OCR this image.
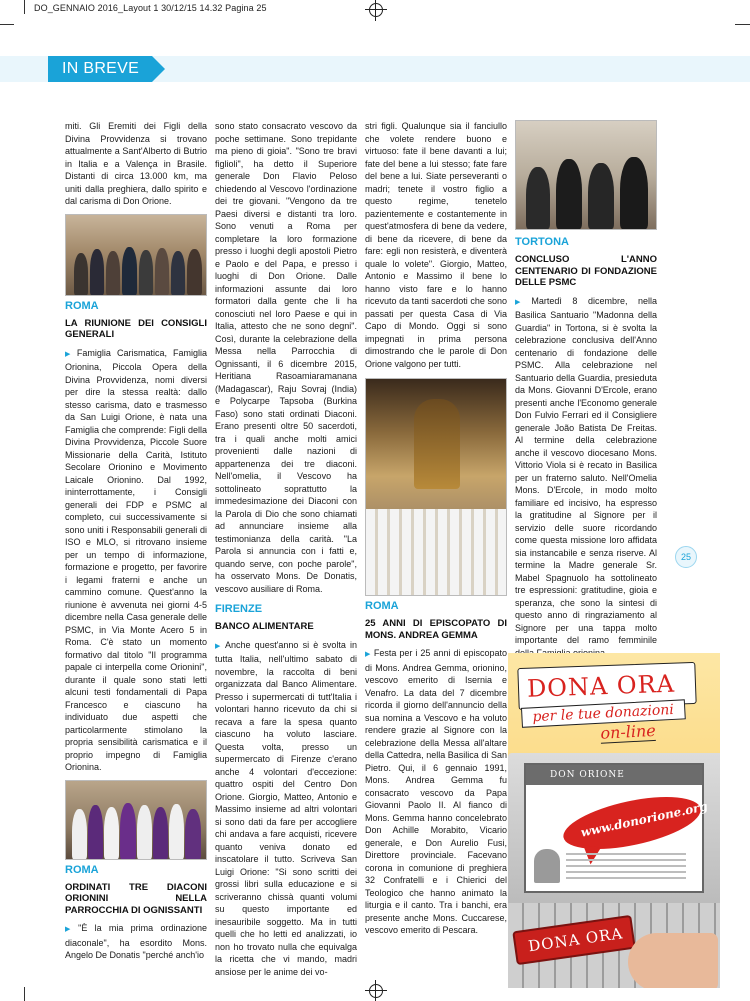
DO_GENNAIO 2016_Layout 1 30/12/15 14.32 Pagina 25
IN BREVE

miti. Gli Eremiti dei Figli della Divina Provvidenza si trovano attualmente a Sant'Alberto di Butrio in Italia e a Valença in Brasile. Distanti di circa 13.000 km, ma uniti dalla preghiera, dallo spirito e dal carisma di Don Orione.

ROMA
LA RIUNIONE DEI CONSIGLI GENERALI

▶ Famiglia Carismatica, Famiglia Orionina, Piccola Opera della Divina Provvidenza, nomi diversi per dire la stessa realtà: dallo stesso carisma, dato e trasmesso da San Luigi Orione, è nata una Famiglia che comprende: Figli della Divina Provvidenza, Piccole Suore Missionarie della Carità, Istituto Secolare Orionino e Movimento Laicale Orionino. Dal 1992, ininterrottamente, i Consigli generali dei FDP e PSMC al completo, cui successivamente si sono uniti i Responsabili generali di ISO e MLO, si ritrovano insieme per un tempo di informazione, formazione e progetto, per favorire i legami fraterni e anche un cammino comune. Quest'anno la riunione è avvenuta nei giorni 4-5 dicembre nella Casa generale delle PSMC, in Via Monte Acero 5 in Roma. C'è stato un momento formativo dal titolo "Il programma papale ci interpella come Orionini", durante il quale sono stati letti alcuni testi fondamentali di Papa Francesco e ciascuno ha individuato due aspetti che particolarmente stimolano la propria sensibilità carismatica e il proprio impegno di Famiglia Orionina.

ROMA
ORDINATI TRE DIACONI ORIONINI NELLA PARROCCHIA DI OGNISSANTI

▶ "È la mia prima ordinazione diaconale", ha esordito Mons. Angelo De Donatis "perché anch'io

sono stato consacrato vescovo da poche settimane. Sono trepidante ma pieno di gioia". "Sono tre bravi figlioli", ha detto il Superiore generale Don Flavio Peloso chiedendo al Vescovo l'ordinazione dei tre giovani. "Vengono da tre Paesi diversi e distanti tra loro. Sono venuti a Roma per completare la loro formazione presso i luoghi degli apostoli Pietro e Paolo e del Papa, e presso i luoghi di Don Orione. Dalle informazioni assunte dai loro formatori dalla gente che li ha conosciuti nel loro Paese e qui in Italia, attesto che ne sono degni". Così, durante la celebrazione della Messa nella Parrocchia di Ognissanti, il 6 dicembre 2015, Heritiana Rasoamiaramanana (Madagascar), Raju Sovraj (India) e Polycarpe Tapsoba (Burkina Faso) sono stati ordinati Diaconi. Erano presenti oltre 50 sacerdoti, tra i quali anche molti amici provenienti dalle nazioni di appartenenza dei tre diaconi. Nell'omelia, il Vescovo ha sottolineato soprattutto la immedesimazione dei Diaconi con la Parola di Dio che sono chiamati ad annunciare insieme alla testimonianza della carità. "La Parola si annuncia con i fatti e, quando serve, con poche parole", ha osservato Mons. De Donatis, vescovo ausiliare di Roma.

FIRENZE
BANCO ALIMENTARE

▶ Anche quest'anno si è svolta in tutta Italia, nell'ultimo sabato di novembre, la raccolta di beni organizzata dal Banco Alimentare. Presso i supermercati di tutt'Italia i volontari hanno ricevuto da chi si recava a fare la spesa quanto ciascuno ha voluto lasciare. Questa volta, presso un supermercato di Firenze c'erano anche 4 volontari d'eccezione: quattro ospiti del Centro Don Orione. Giorgio, Matteo, Antonio e Massimo insieme ad altri volontari si sono dati da fare per accogliere chi andava a fare acquisti, ricevere quanto veniva donato ed inscatolare il tutto. Scriveva San Luigi Orione: "Si sono scritti dei grossi libri sulla educazione e si scriveranno chissà quanti volumi su questo importante ed inesauribile soggetto. Ma in tutti quelli che ho letti ed analizzati, io non ho trovato nulla che equivalga la ricetta che vi mando, madri ansiose per le anime dei vo-

stri figli. Qualunque sia il fanciullo che volete rendere buono e virtuoso: fate il bene davanti a lui; fate del bene a lui stesso; fate fare del bene a lui. Siate perseveranti o madri; tenete il vostro figlio a questo regime, tenetelo pazientemente e costantemente in quest'atmosfera di bene da vedere, di bene da ricevere, di bene da fare: egli non resisterà, e diventerà quale lo volete". Giorgio, Matteo, Antonio e Massimo il bene lo hanno visto fare e lo hanno ricevuto da tanti sacerdoti che sono passati per questa Casa di Via Capo di Mondo. Oggi si sono impegnati in prima persona dimostrando che le parole di Don Orione valgono per tutti.

ROMA
25 ANNI DI EPISCOPATO DI MONS. ANDREA GEMMA

▶ Festa per i 25 anni di episcopato di Mons. Andrea Gemma, orionino, vescovo emerito di Isernia e Venafro. La data del 7 dicembre ricorda il giorno dell'annuncio della sua nomina a Vescovo e ha voluto rendere grazie al Signore con la celebrazione della Messa all'altare della Cattedra, nella Basilica di San Pietro. Qui, il 6 gennaio 1991, Mons. Andrea Gemma fu consacrato vescovo da Papa Giovanni Paolo II. Al fianco di Mons. Gemma hanno concelebrato Don Achille Morabito, Vicario generale, e Don Aurelio Fusi, Direttore provinciale. Facevano corona in comunione di preghiera 32 Confratelli e i Chierici del Teologico che hanno animato la liturgia e il canto. Tra i banchi, era presente anche Mons. Cuccarese, vescovo emerito di Pescara.

TORTONA
CONCLUSO L'ANNO CENTENARIO DI FONDAZIONE DELLE PSMC

▶ Martedì 8 dicembre, nella Basilica Santuario "Madonna della Guardia" in Tortona, si è svolta la celebrazione conclusiva dell'Anno centenario di fondazione delle PSMC. Alla celebrazione nel Santuario della Guardia, presieduta da Mons. Giovanni D'Ercole, erano presenti anche l'Economo generale Don Fulvio Ferrari ed il Consigliere generale João Batista De Freitas. Al termine della celebrazione anche il vescovo diocesano Mons. Vittorio Viola si è recato in Basilica per un fraterno saluto. Nell'Omelia Mons. D'Ercole, in modo molto familiare ed incisivo, ha espresso la gratitudine al Signore per il servizio delle suore ricordando come questa missione loro affidata sia instancabile e senza riserve. Al termine la Madre generale Sr. Mabel Spagnuolo ha sottolineato tre espressioni: gratitudine, gioia e speranza, che sono la sintesi di questo anno di ringraziamento al Signore per una tappa molto importante del ramo femminile

25
DONA ORA
per le tue donazioni
on-line
DON ORIONE
www.donorione.org
DONA ORA
